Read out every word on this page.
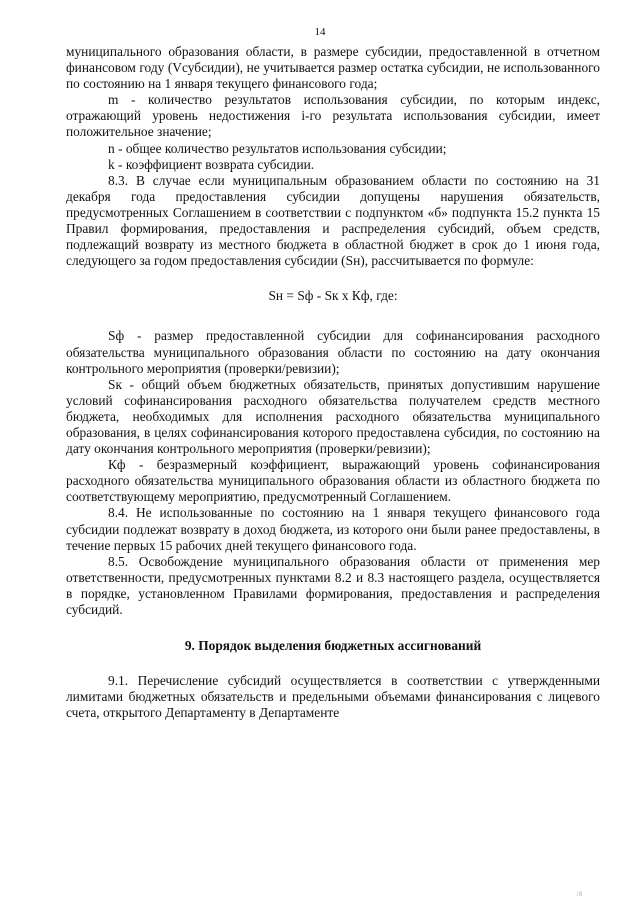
14

муниципального образования области, в размере субсидии, предоставленной в отчетном финансовом году (Vсубсидии), не учитывается размер остатка субсидии, не использованного по состоянию на 1 января текущего финансового года;

m - количество результатов использования субсидии, по которым индекс, отражающий уровень недостижения i-го результата использования субсидии, имеет положительное значение;

n - общее количество результатов использования субсидии;

k - коэффициент возврата субсидии.

8.3. В случае если муниципальным образованием области по состоянию на 31 декабря года предоставления субсидии допущены нарушения обязательств, предусмотренных Соглашением в соответствии с подпунктом «б» подпункта 15.2 пункта 15 Правил формирования, предоставления и распределения субсидий, объем средств, подлежащий возврату из местного бюджета в областной бюджет в срок до 1 июня года, следующего за годом предоставления субсидии (Sн), рассчитывается по формуле:

Sн = Sф - Sк х Кф, где:

Sф - размер предоставленной субсидии для софинансирования расходного обязательства муниципального образования области по состоянию на дату окончания контрольного мероприятия (проверки/ревизии);

Sк - общий объем бюджетных обязательств, принятых допустившим нарушение условий софинансирования расходного обязательства получателем средств местного бюджета, необходимых для исполнения расходного обязательства муниципального образования, в целях софинансирования которого предоставлена субсидия, по состоянию на дату окончания контрольного мероприятия (проверки/ревизии);

Кф - безразмерный коэффициент, выражающий уровень софинансирования расходного обязательства муниципального образования области из областного бюджета по соответствующему мероприятию, предусмотренный Соглашением.

8.4. Не использованные по состоянию на 1 января текущего финансового года субсидии подлежат возврату в доход бюджета, из которого они были ранее предоставлены, в течение первых 15 рабочих дней текущего финансового года.

8.5. Освобождение муниципального образования области от применения мер ответственности, предусмотренных пунктами 8.2 и 8.3 настоящего раздела, осуществляется в порядке, установленном Правилами формирования, предоставления и распределения субсидий.

9. Порядок выделения бюджетных ассигнований

9.1. Перечисление субсидий осуществляется в соответствии с утвержденными лимитами бюджетных обязательств и предельными объемами финансирования с лицевого счета, открытого Департаменту в Департаменте

| |||
